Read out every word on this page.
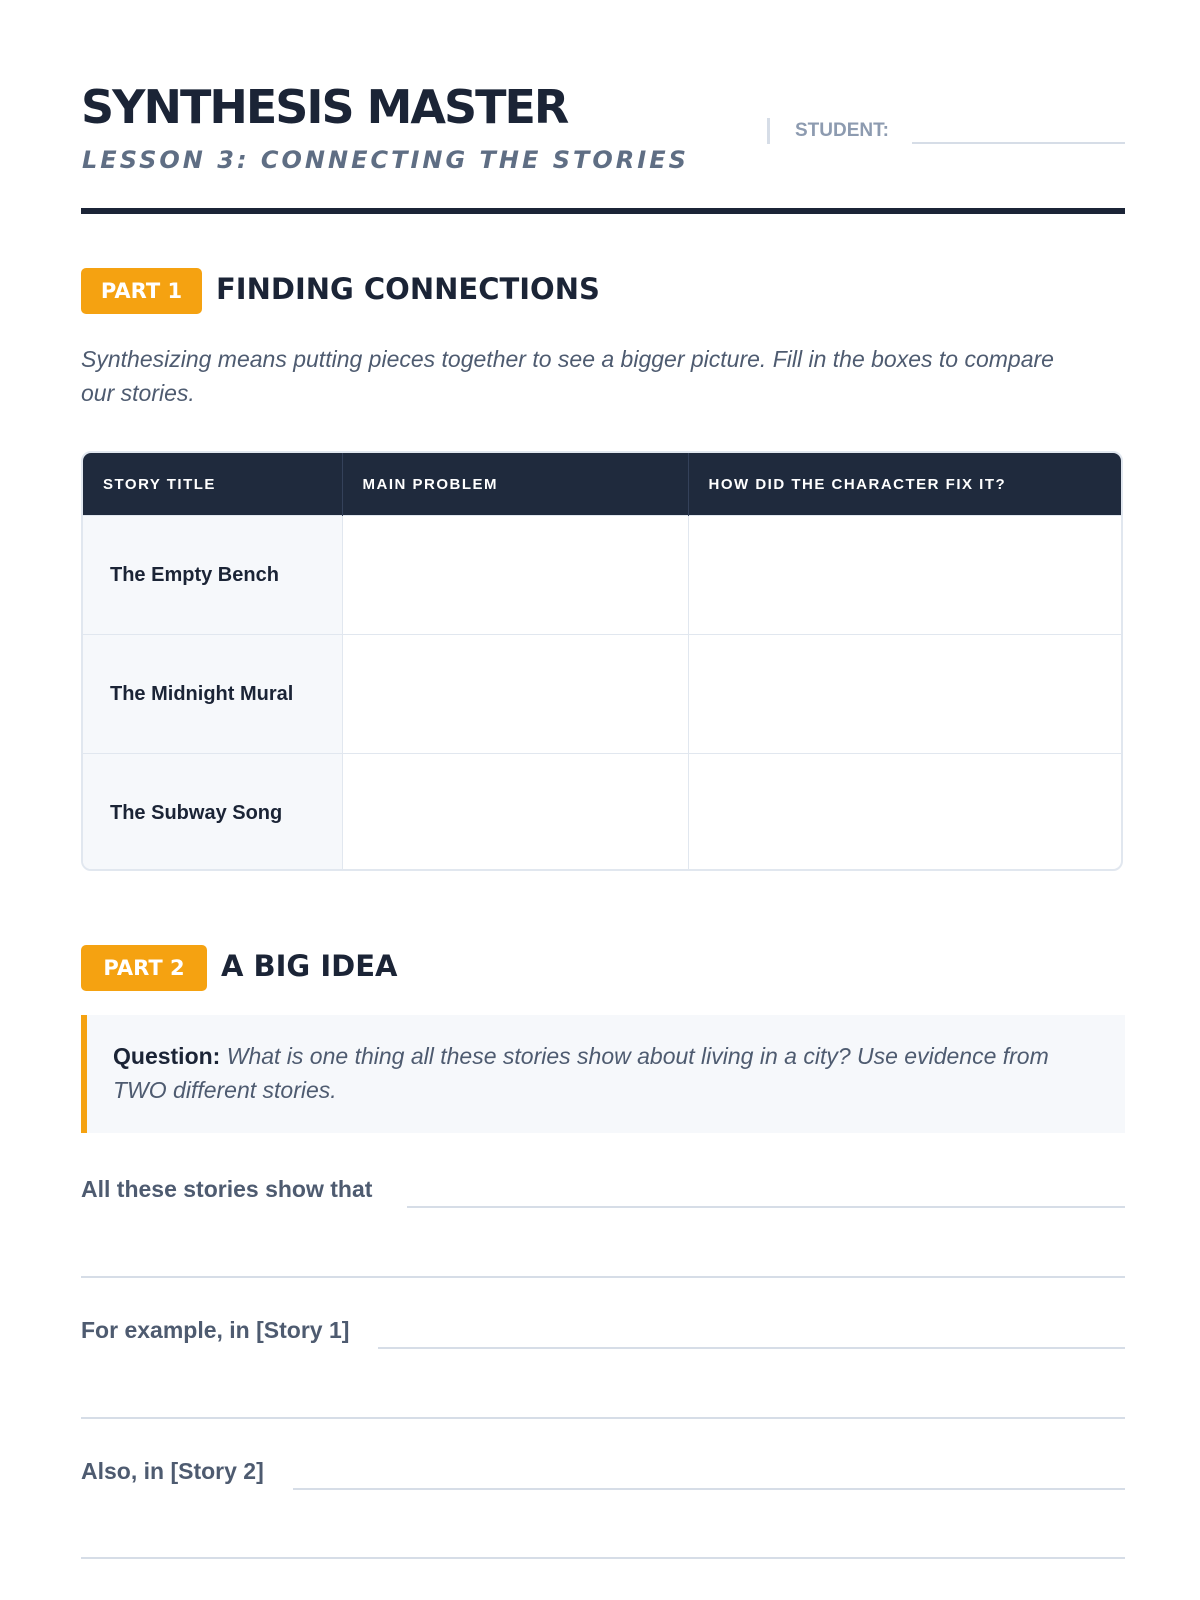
SYNTHESIS MASTER
LESSON 3: CONNECTING THE STORIES
STUDENT:
PART 1	FINDING CONNECTIONS
Synthesizing means putting pieces together to see a bigger picture. Fill in the boxes to compare our stories.
STORY TITLE	MAIN PROBLEM	HOW DID THE CHARACTER FIX IT?
The Empty Bench		
The Midnight Mural		
The Subway Song		
PART 2	A BIG IDEA
Question: What is one thing all these stories show about living in a city? Use evidence from TWO different stories.
All these stories show that
For example, in [Story 1]
Also, in [Story 2]
